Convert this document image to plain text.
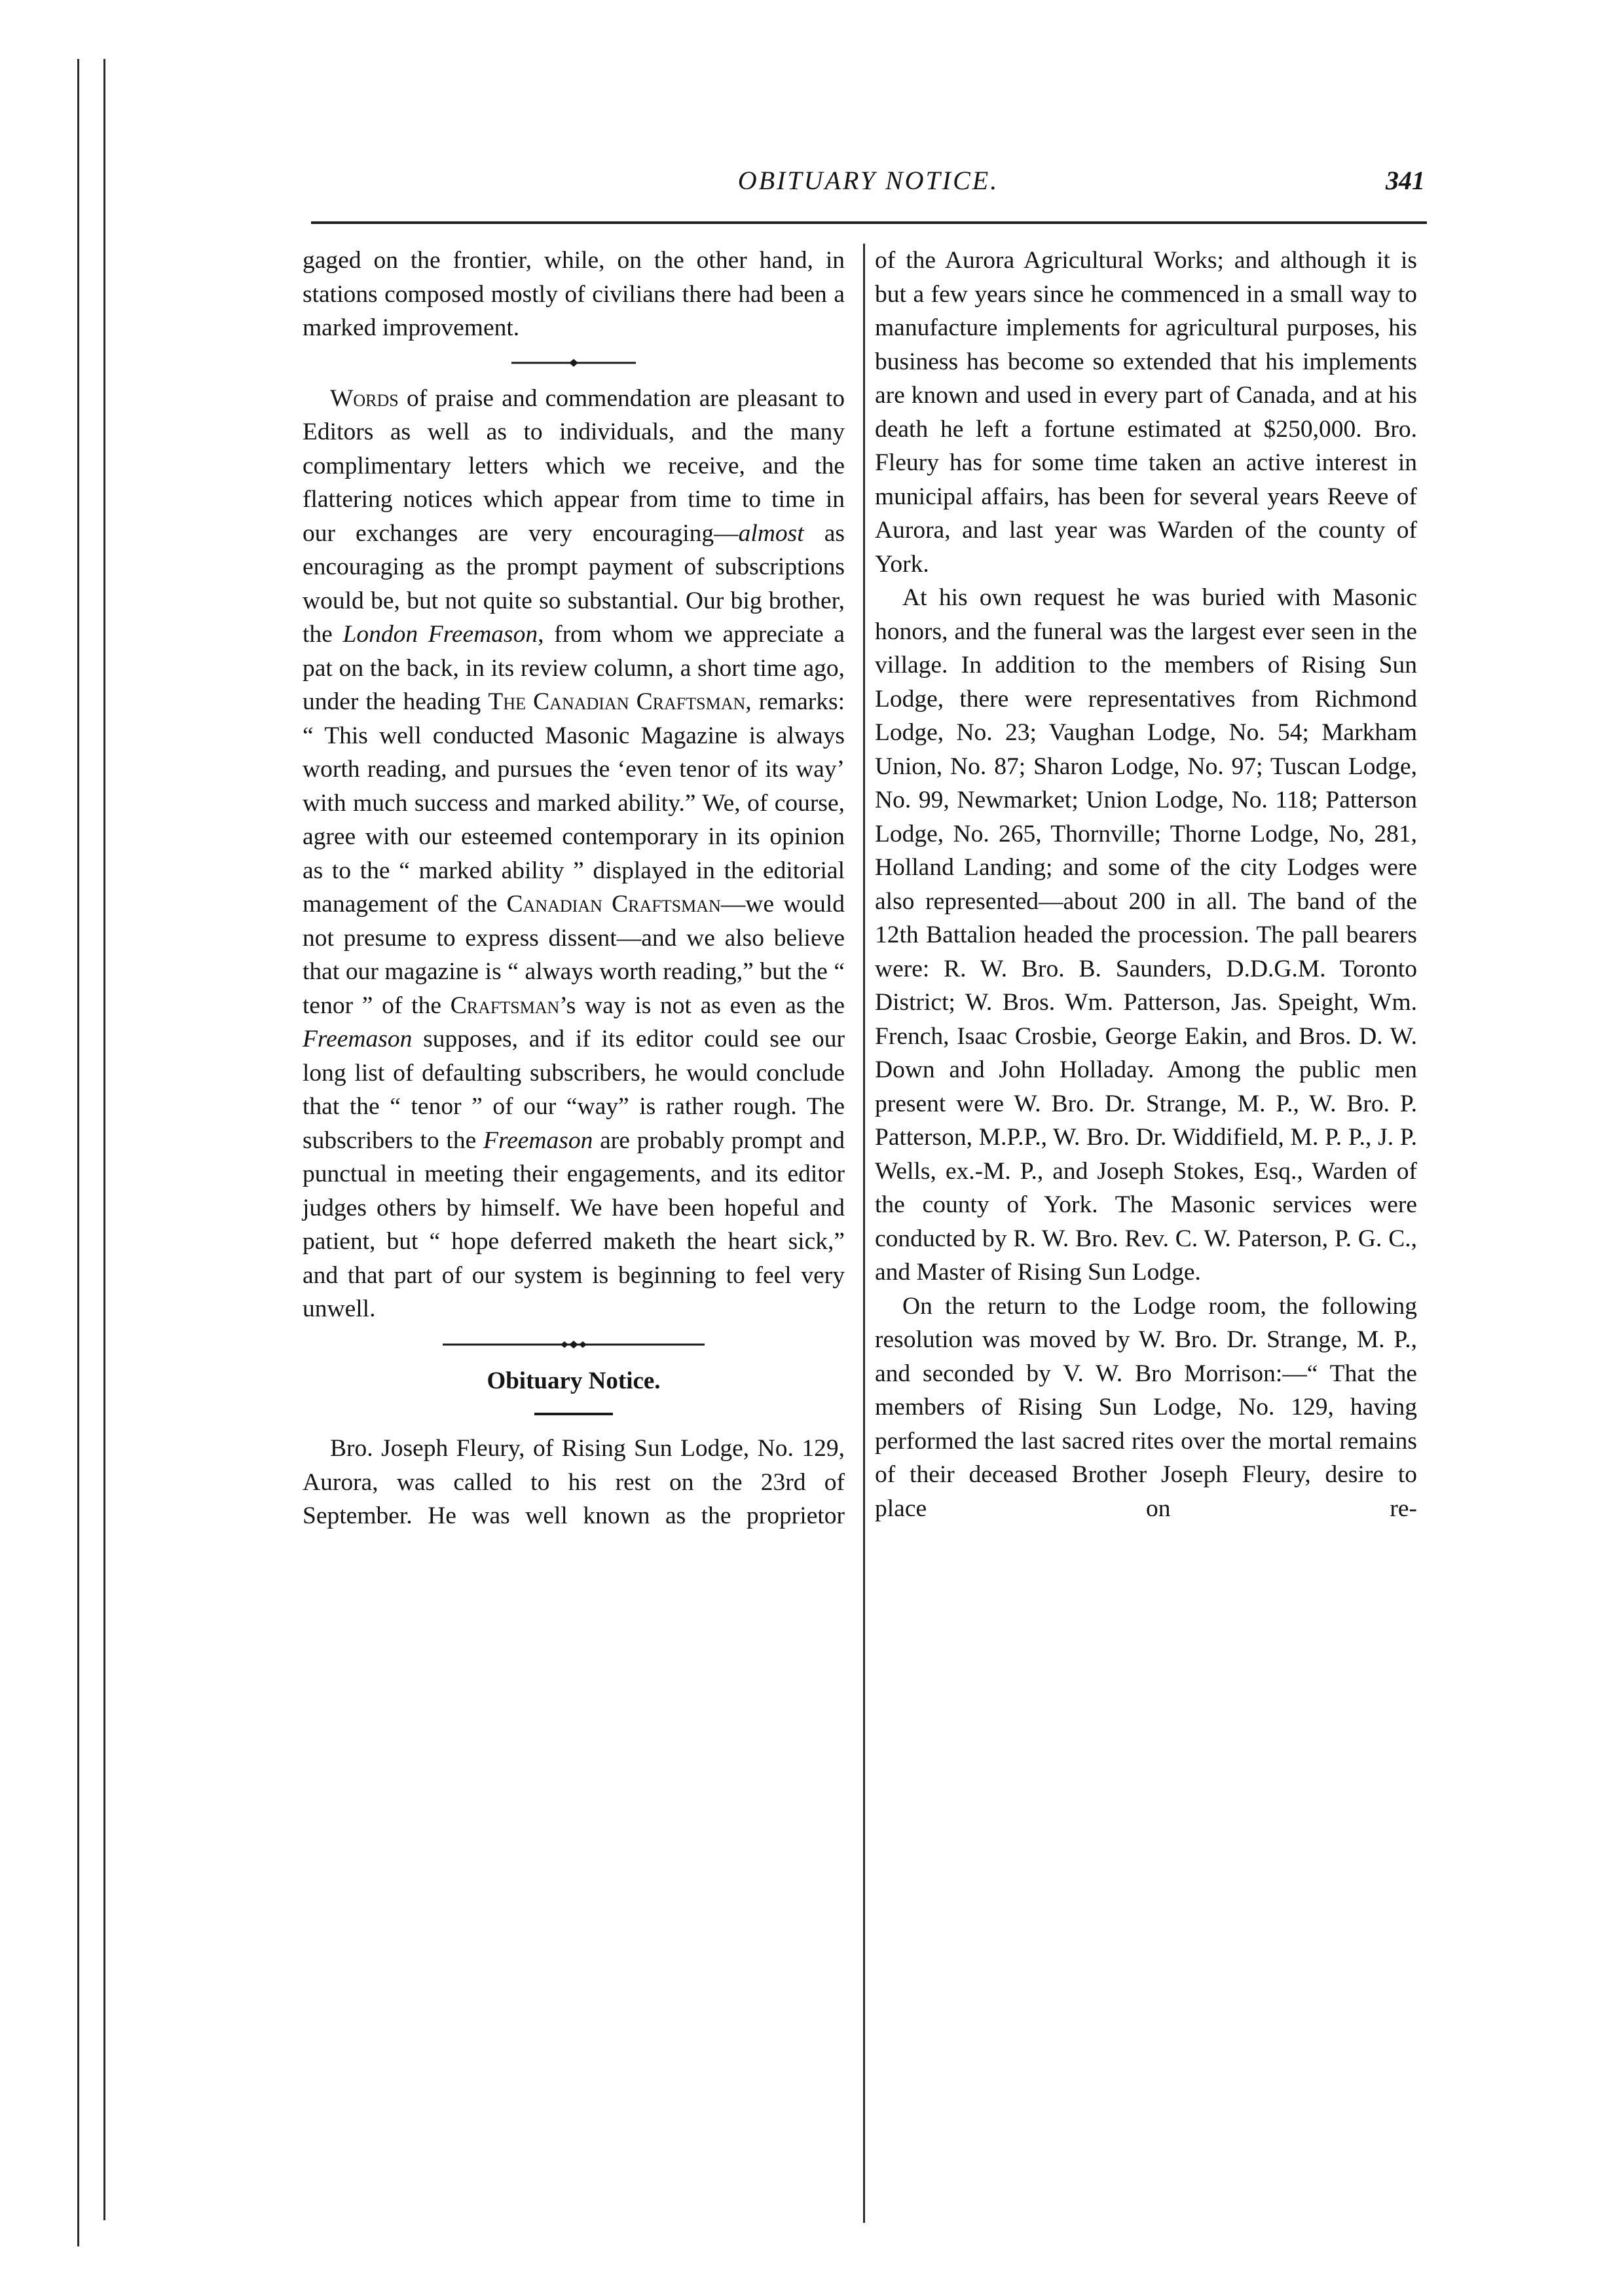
OBITUARY NOTICE.	341

gaged on the frontier, while, on the other hand, in stations composed mostly of civilians there had been a marked improvement.

Words of praise and commendation are pleasant to Editors as well as to individuals, and the many complimentary letters which we receive, and the flattering notices which appear from time to time in our exchanges are very encouraging—almost as encouraging as the prompt payment of subscriptions would be, but not quite so substantial. Our big brother, the London Freemason, from whom we appreciate a pat on the back, in its review column, a short time ago, under the heading The Canadian Craftsman, remarks: “ This well conducted Masonic Magazine is always worth reading, and pursues the ‘even tenor of its way’ with much success and marked ability.” We, of course, agree with our esteemed contemporary in its opinion as to the “ marked ability ” displayed in the editorial management of the Canadian Craftsman—we would not presume to express dissent—and we also believe that our magazine is “ always worth reading,” but the “ tenor ” of the Craftsman’s way is not as even as the Freemason supposes, and if its editor could see our long list of defaulting subscribers, he would conclude that the “ tenor ” of our “way” is rather rough. The subscribers to the Freemason are probably prompt and punctual in meeting their engagements, and its editor judges others by himself. We have been hopeful and patient, but “ hope deferred maketh the heart sick,” and that part of our system is beginning to feel very unwell.

Obituary Notice.

Bro. Joseph Fleury, of Rising Sun Lodge, No. 129, Aurora, was called to his rest on the 23rd of September. He was well known as the proprietor

of the Aurora Agricultural Works; and although it is but a few years since he commenced in a small way to manufacture implements for agricultural purposes, his business has become so extended that his implements are known and used in every part of Canada, and at his death he left a fortune estimated at $250,000. Bro. Fleury has for some time taken an active interest in municipal affairs, has been for several years Reeve of Aurora, and last year was Warden of the county of York.

At his own request he was buried with Masonic honors, and the funeral was the largest ever seen in the village. In addition to the members of Rising Sun Lodge, there were representatives from Richmond Lodge, No. 23; Vaughan Lodge, No. 54; Markham Union, No. 87; Sharon Lodge, No. 97; Tuscan Lodge, No. 99, Newmarket; Union Lodge, No. 118; Patterson Lodge, No. 265, Thornville; Thorne Lodge, No, 281, Holland Landing; and some of the city Lodges were also represented—about 200 in all. The band of the 12th Battalion headed the procession. The pall bearers were: R. W. Bro. B. Saunders, D.D.G.M. Toronto District; W. Bros. Wm. Patterson, Jas. Speight, Wm. French, Isaac Crosbie, George Eakin, and Bros. D. W. Down and John Holladay. Among the public men present were W. Bro. Dr. Strange, M. P., W. Bro. P. Patterson, M.P.P., W. Bro. Dr. Widdifield, M. P. P., J. P. Wells, ex.-M. P., and Joseph Stokes, Esq., Warden of the county of York. The Masonic services were conducted by R. W. Bro. Rev. C. W. Paterson, P. G. C., and Master of Rising Sun Lodge.

On the return to the Lodge room, the following resolution was moved by W. Bro. Dr. Strange, M. P., and seconded by V. W. Bro Morrison:—“ That the members of Rising Sun Lodge, No. 129, having performed the last sacred rites over the mortal remains of their deceased Brother Joseph Fleury, desire to place on re-
